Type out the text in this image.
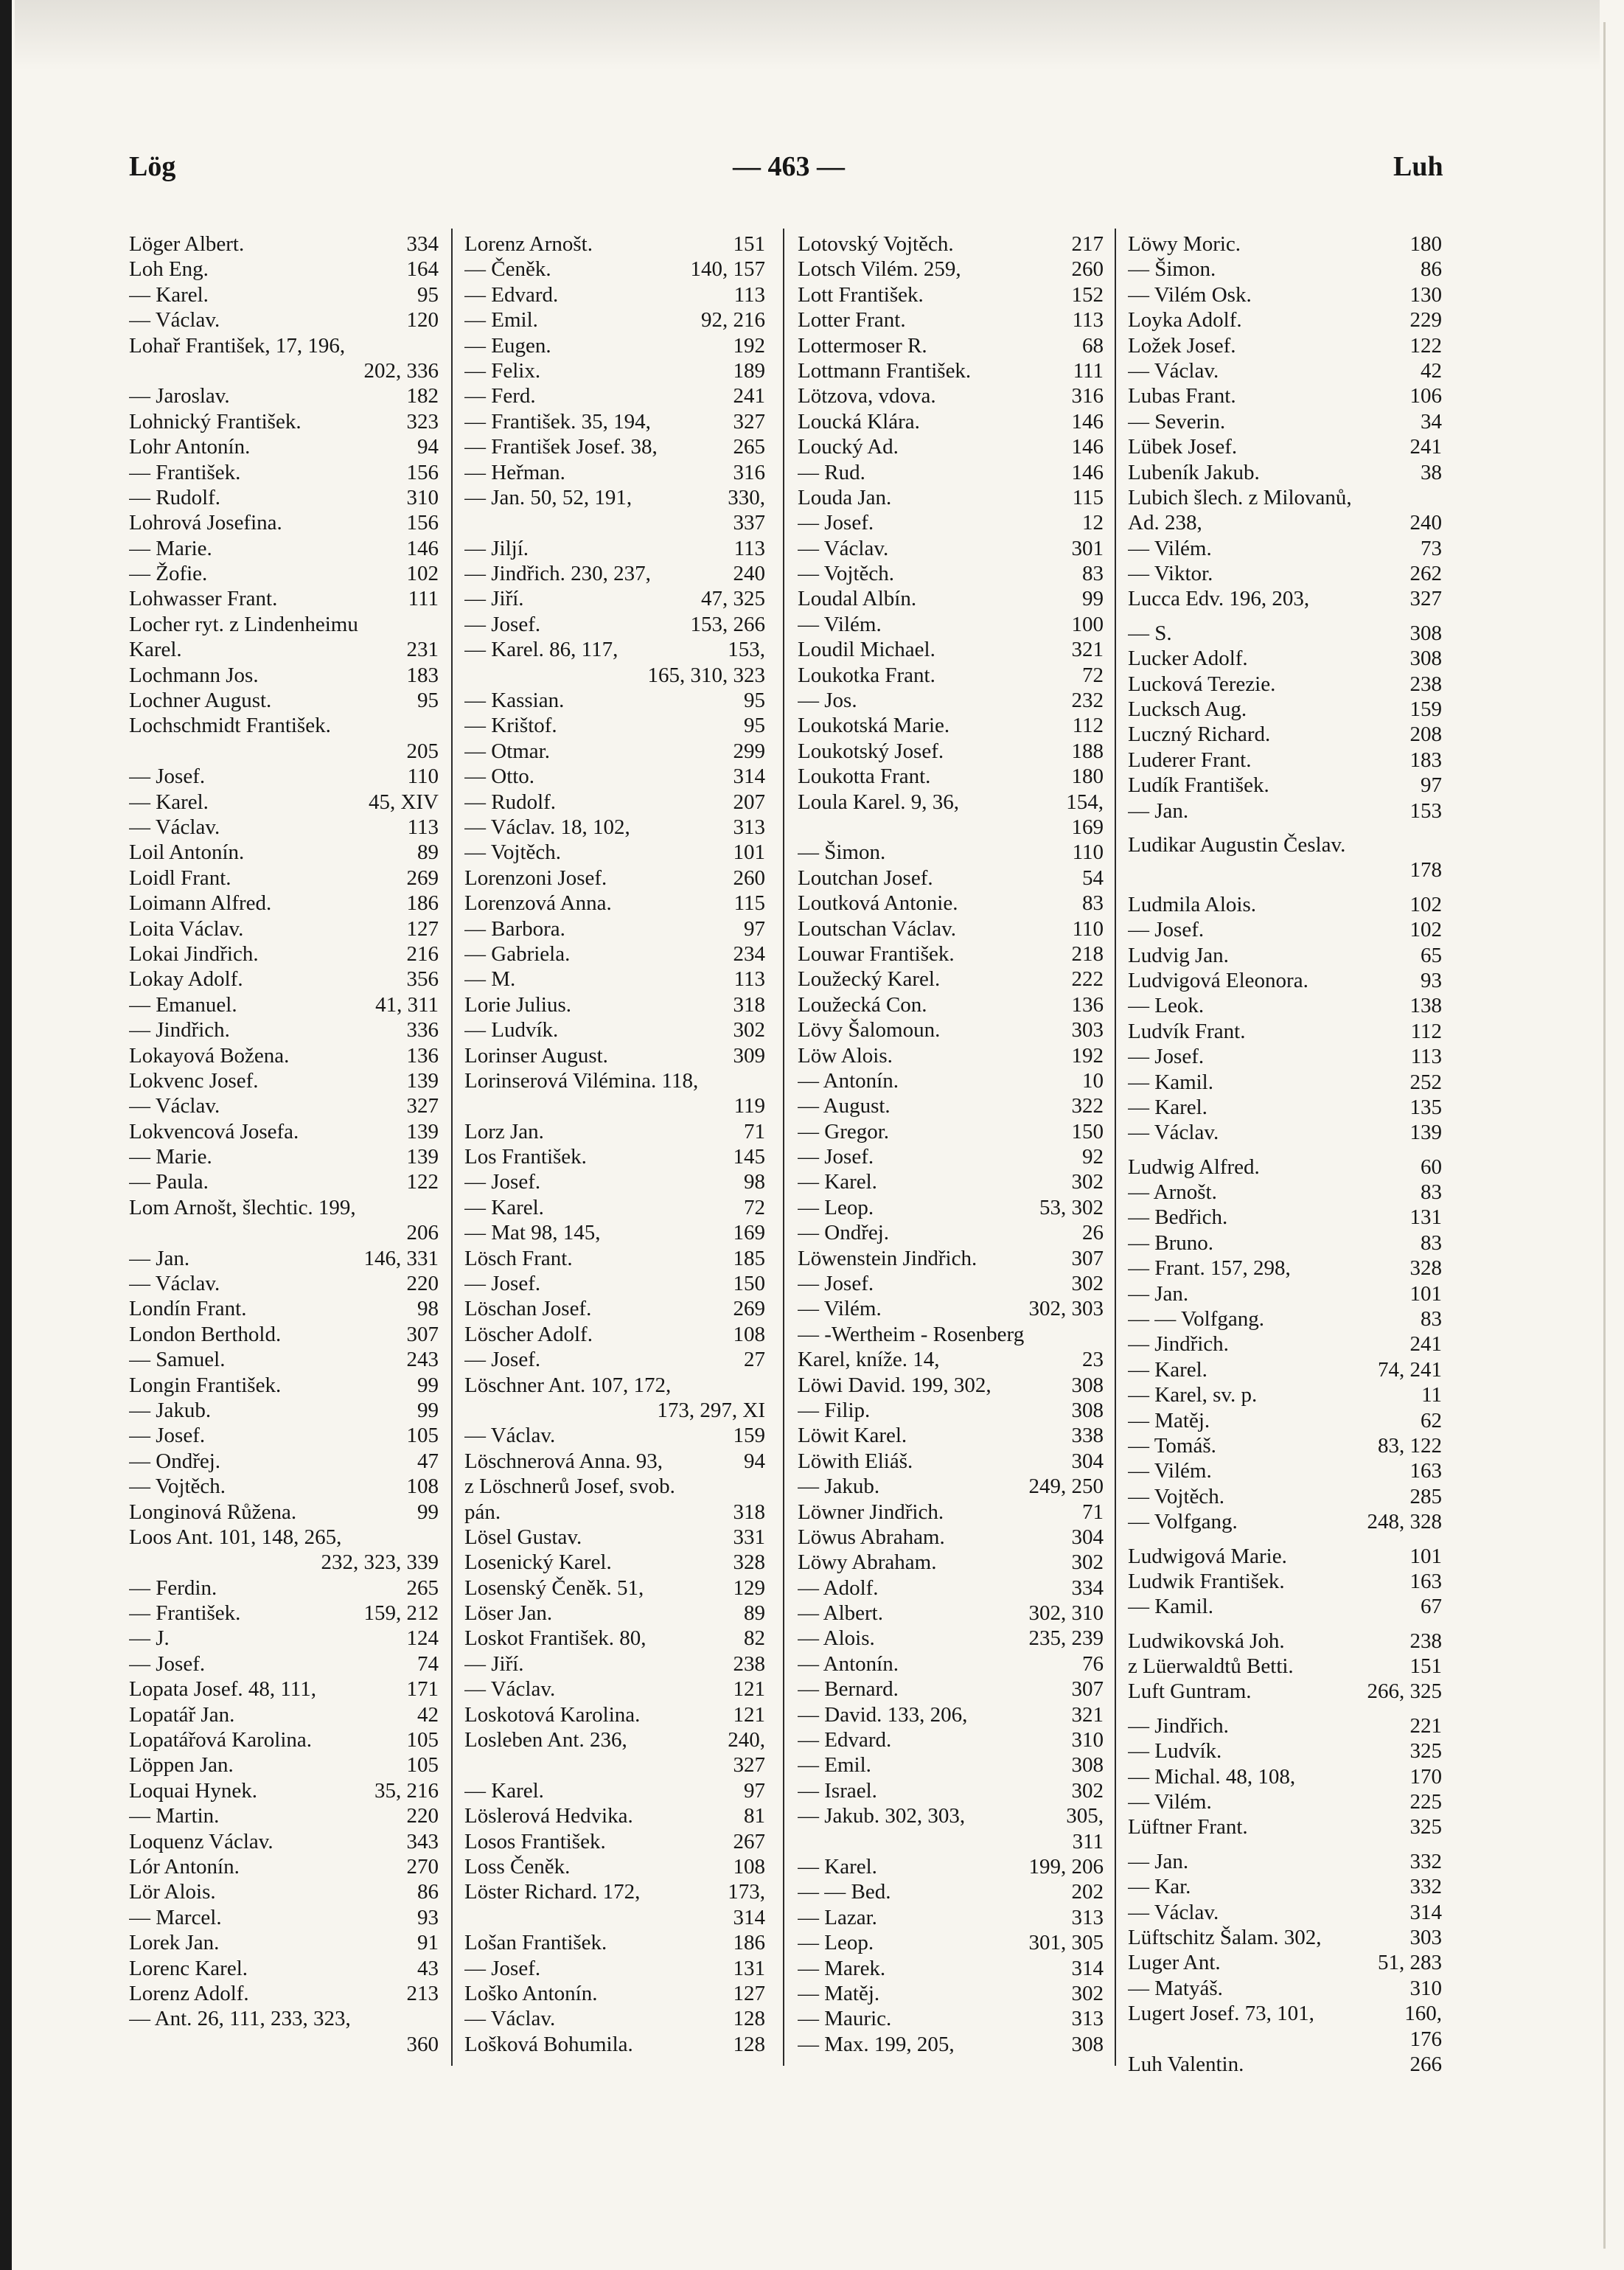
Lög	— 463 —	Luh
Löger Albert.	334
Loh Eng.	164
— Karel.	95
— Václav.	120
Lohař František, 17, 196,
202, 336
— Jaroslav.	182
Lohnický František.	323
Lohr Antonín.	94
— František.	156
— Rudolf.	310
Lohrová Josefina.	156
— Marie.	146
— Žofie.	102
Lohwasser Frant.	111
Locher ryt. z Lindenheimu
Karel.	231
Lochmann Jos.	183
Lochner August.	95
Lochschmidt František.
205
— Josef.	110
— Karel.	45, XIV
— Václav.	113
Loil Antonín.	89
Loidl Frant.	269
Loimann Alfred.	186
Loita Václav.	127
Lokai Jindřich.	216
Lokay Adolf.	356
— Emanuel.	41, 311
— Jindřich.	336
Lokayová Božena.	136
Lokvenc Josef.	139
— Václav.	327
Lokvencová Josefa.	139
— Marie.	139
— Paula.	122
Lom Arnošt, šlechtic. 199,
206
— Jan.	146, 331
— Václav.	220
Londín Frant.	98
London Berthold.	307
— Samuel.	243
Longin František.	99
— Jakub.	99
— Josef.	105
— Ondřej.	47
— Vojtěch.	108
Longinová Růžena.	99
Loos Ant. 101, 148, 265,
232, 323, 339
— Ferdin.	265
— František.	159, 212
— J.	124
— Josef.	74
Lopata Josef. 48, 111,	171
Lopatář Jan.	42
Lopatářová Karolina.	105
Löppen Jan.	105
Loquai Hynek.	35, 216
— Martin.	220
Loquenz Václav.	343
Lór Antonín.	270
Lör Alois.	86
— Marcel.	93
Lorek Jan.	91
Lorenc Karel.	43
Lorenz Adolf.	213
— Ant. 26, 111, 233, 323,
360
Lorenz Arnošt.	151
— Čeněk.	140, 157
— Edvard.	113
— Emil.	92, 216
— Eugen.	192
— Felix.	189
— Ferd.	241
— František. 35, 194,	327
— František Josef. 38,	265
— Heřman.	316
— Jan. 50, 52, 191,	330,
337
— Jiljí.	113
— Jindřich. 230, 237,	240
— Jiří.	47, 325
— Josef.	153, 266
— Karel. 86, 117,	153,
165, 310, 323
— Kassian.	95
— Krištof.	95
— Otmar.	299
— Otto.	314
— Rudolf.	207
— Václav. 18, 102,	313
— Vojtěch.	101
Lorenzoni Josef.	260
Lorenzová Anna.	115
— Barbora.	97
— Gabriela.	234
— M.	113
Lorie Julius.	318
— Ludvík.	302
Lorinser August.	309
Lorinserová Vilémina. 118,
119
Lorz Jan.	71
Los František.	145
— Josef.	98
— Karel.	72
— Mat 98, 145,	169
Lösch Frant.	185
— Josef.	150
Löschan Josef.	269
Löscher Adolf.	108
— Josef.	27
Löschner Ant. 107, 172,
173, 297, XI
— Václav.	159
Löschnerová Anna. 93,	94
z Löschnerů Josef, svob.
pán.	318
Lösel Gustav.	331
Losenický Karel.	328
Losenský Čeněk. 51,	129
Löser Jan.	89
Loskot František. 80,	82
— Jiří.	238
— Václav.	121
Loskotová Karolina.	121
Losleben Ant. 236,	240,
327
— Karel.	97
Löslerová Hedvika.	81
Losos František.	267
Loss Čeněk.	108
Löster Richard. 172,	173,
314
Lošan František.	186
— Josef.	131
Loško Antonín.	127
— Václav.	128
Lošková Bohumila.	128
Lotovský Vojtěch.	217
Lotsch Vilém. 259,	260
Lott František.	152
Lotter Frant.	113
Lottermoser R.	68
Lottmann František.	111
Lötzova, vdova.	316
Loucká Klára.	146
Loucký Ad.	146
— Rud.	146
Louda Jan.	115
— Josef.	12
— Václav.	301
— Vojtěch.	83
Loudal Albín.	99
— Vilém.	100
Loudil Michael.	321
Loukotka Frant.	72
— Jos.	232
Loukotská Marie.	112
Loukotský Josef.	188
Loukotta Frant.	180
Loula Karel. 9, 36,	154,
169
— Šimon.	110
Loutchan Josef.	54
Loutková Antonie.	83
Loutschan Václav.	110
Louwar František.	218
Loužecký Karel.	222
Loužecká Con.	136
Lövy Šalomoun.	303
Löw Alois.	192
— Antonín.	10
— August.	322
— Gregor.	150
— Josef.	92
— Karel.	302
— Leop.	53, 302
— Ondřej.	26
Löwenstein Jindřich.	307
— Josef.	302
— Vilém.	302, 303
— -Wertheim - Rosenberg
Karel, kníže. 14,	23
Löwi David. 199, 302,	308
— Filip.	308
Löwit Karel.	338
Löwith Eliáš.	304
— Jakub.	249, 250
Löwner Jindřich.	71
Löwus Abraham.	304
Löwy Abraham.	302
— Adolf.	334
— Albert.	302, 310
— Alois.	235, 239
— Antonín.	76
— Bernard.	307
— David. 133, 206,	321
— Edvard.	310
— Emil.	308
— Israel.	302
— Jakub. 302, 303,	305,
311
— Karel.	199, 206
— — Bed.	202
— Lazar.	313
— Leop.	301, 305
— Marek.	314
— Matěj.	302
— Mauric.	313
— Max. 199, 205,	308
Löwy Moric.	180
— Šimon.	86
— Vilém Osk.	130
Loyka Adolf.	229
Ložek Josef.	122
— Václav.	42
Lubas Frant.	106
— Severin.	34
Lübek Josef.	241
Lubeník Jakub.	38
Lubich šlech. z Milovanů,
Ad. 238,	240
— Vilém.	73
— Viktor.	262
Lucca Edv. 196, 203,	327
— S.	308
Lucker Adolf.	308
Lucková Terezie.	238
Lucksch Aug.	159
Luczný Richard.	208
Luderer Frant.	183
Ludík František.	97
— Jan.	153
Ludikar Augustin Česlav.
178
Ludmila Alois.	102
— Josef.	102
Ludvig Jan.	65
Ludvigová Eleonora.	93
— Leok.	138
Ludvík Frant.	112
— Josef.	113
— Kamil.	252
— Karel.	135
— Václav.	139
Ludwig Alfred.	60
— Arnošt.	83
— Bedřich.	131
— Bruno.	83
— Frant. 157, 298,	328
— Jan.	101
— — Volfgang.	83
— Jindřich.	241
— Karel.	74, 241
— Karel, sv. p.	11
— Matěj.	62
— Tomáš.	83, 122
— Vilém.	163
— Vojtěch.	285
— Volfgang.	248, 328
Ludwigová Marie.	101
Ludwik František.	163
— Kamil.	67
Ludwikovská Joh.	238
z Lüerwaldtů Betti.	151
Luft Guntram.	266, 325
— Jindřich.	221
— Ludvík.	325
— Michal. 48, 108,	170
— Vilém.	225
Lüftner Frant.	325
— Jan.	332
— Kar.	332
— Václav.	314
Lüftschitz Šalam. 302,	303
Luger Ant.	51, 283
— Matyáš.	310
Lugert Josef. 73, 101,	160,
176
Luh Valentin.	266
